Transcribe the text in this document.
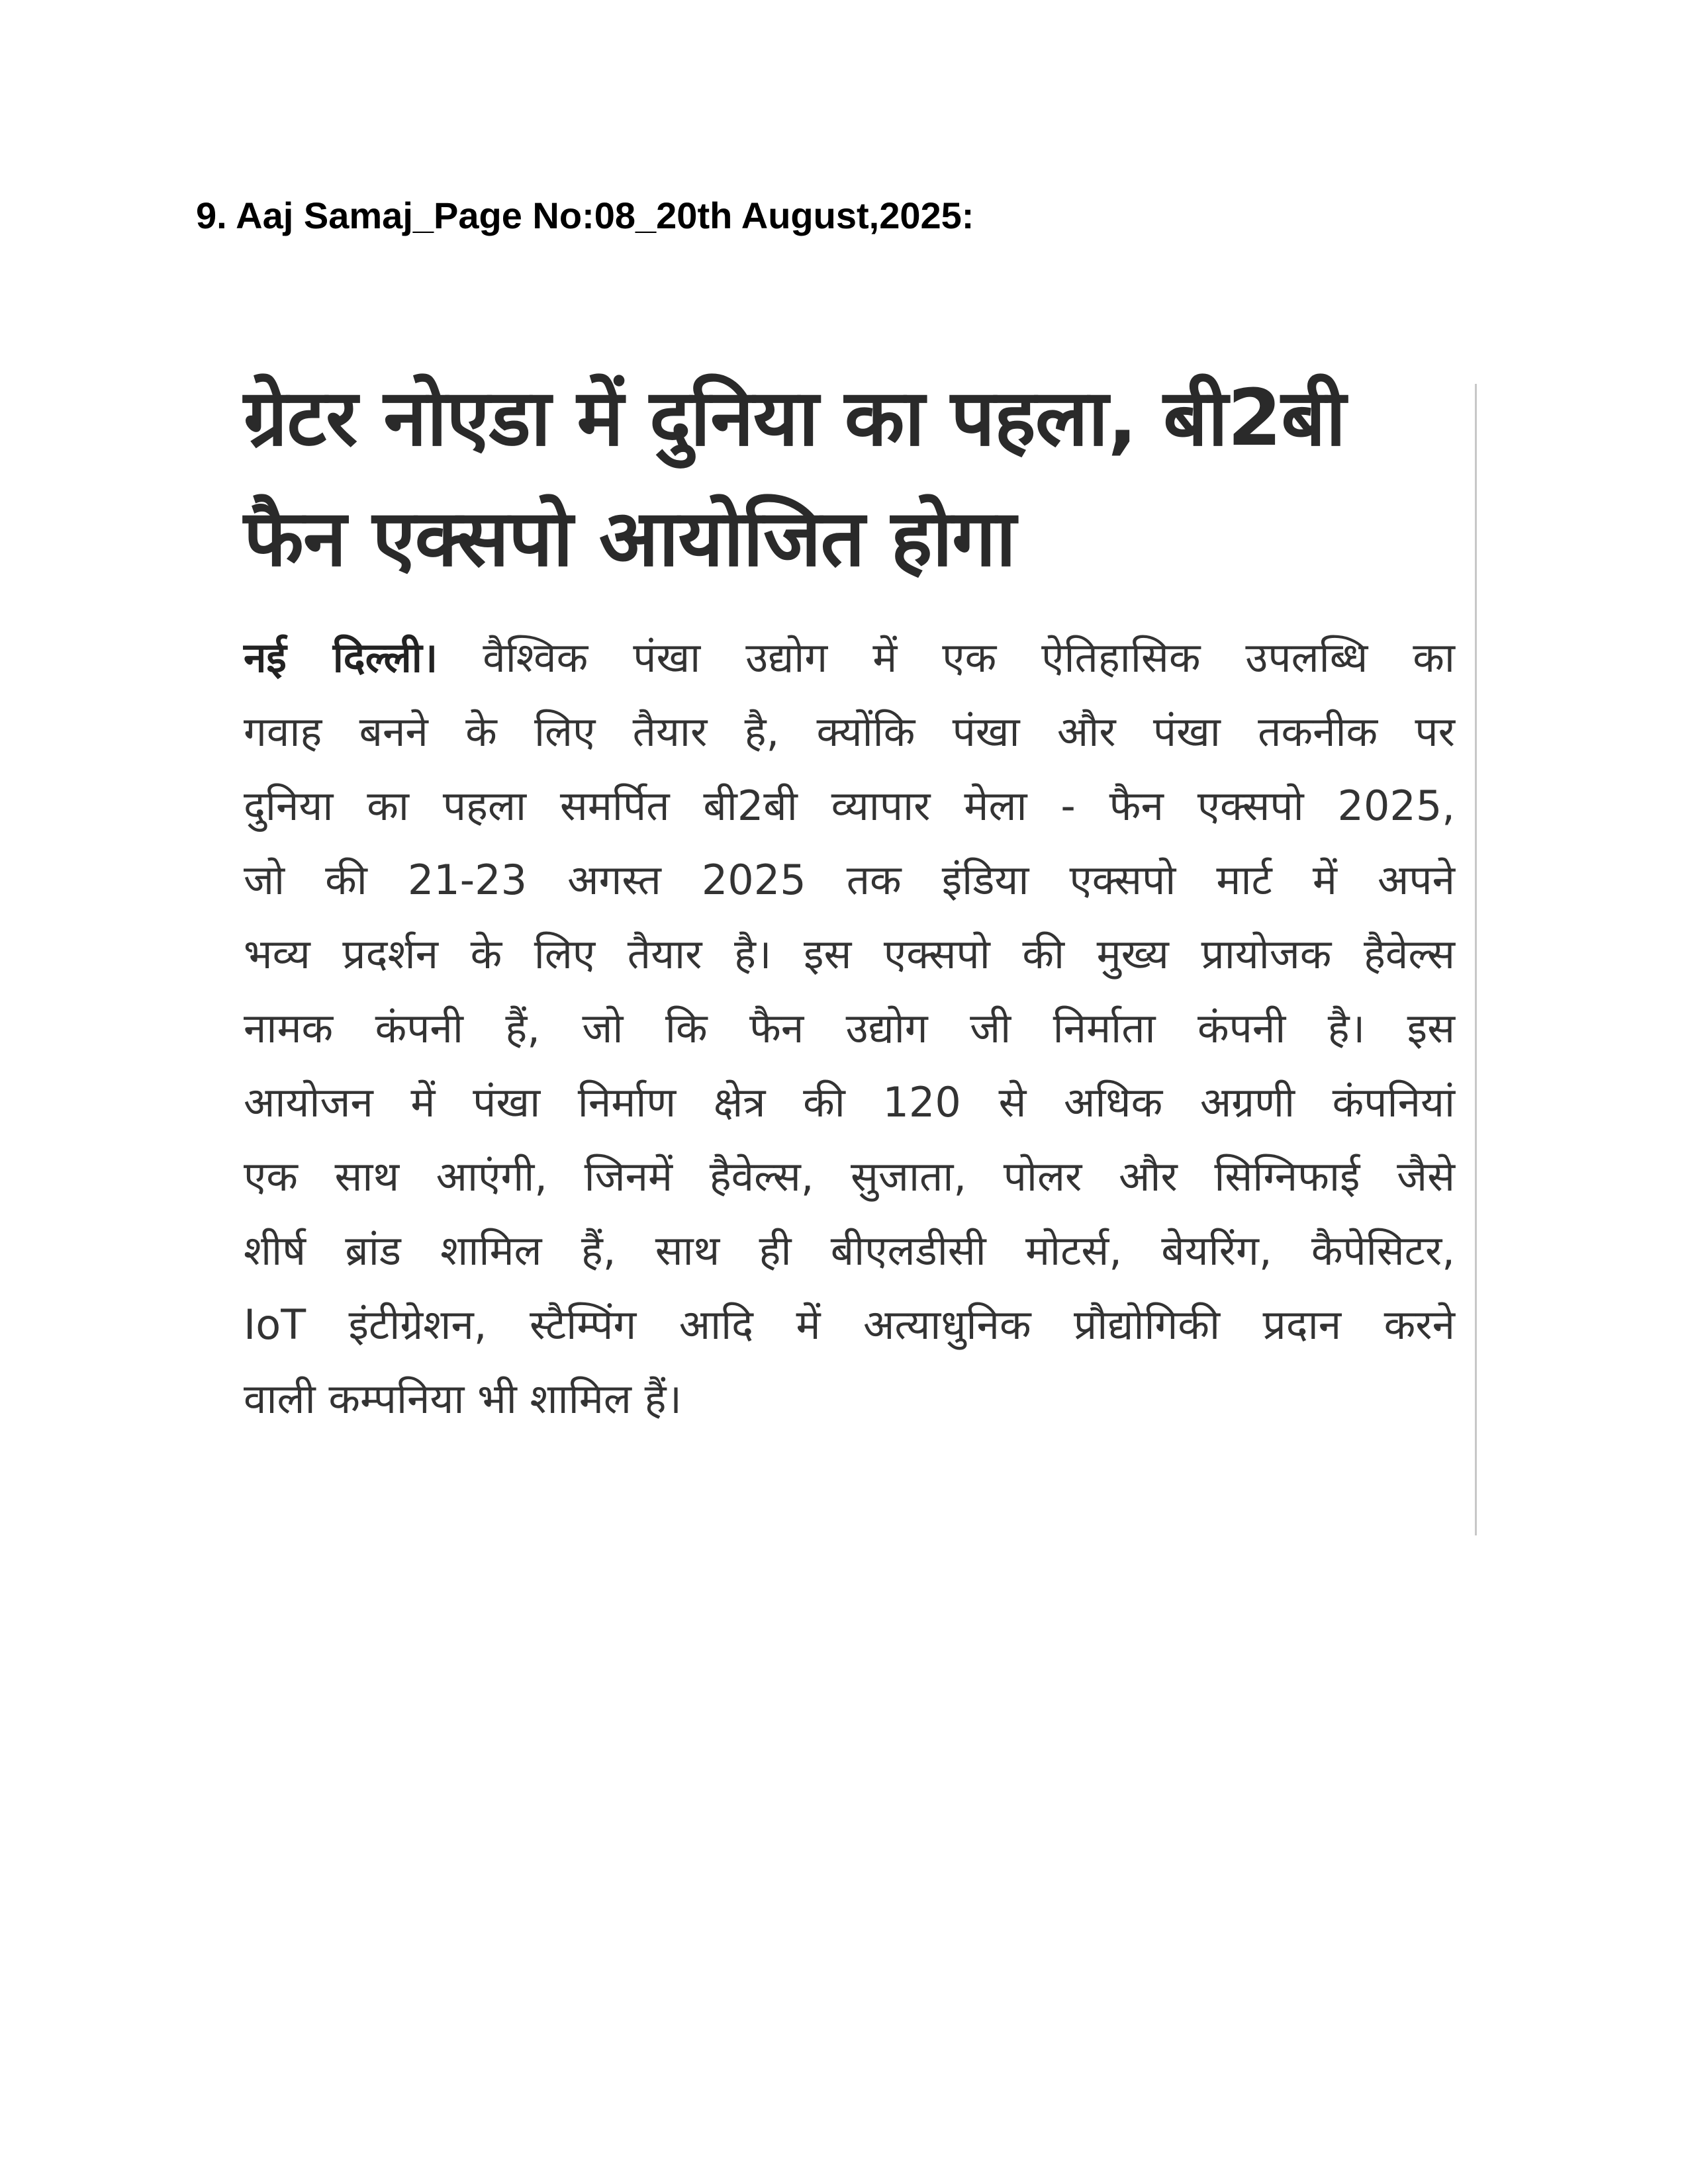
9. Aaj Samaj_Page No:08_20th August,2025:
ग्रेटर नोएडा में दुनिया का पहला, बी2बी
फैन एक्सपो आयोजित होगा
नई दिल्ली। वैश्विक पंखा उद्योग में एक ऐतिहासिक उपलब्धि का
गवाह बनने के लिए तैयार है, क्योंकि पंखा और पंखा तकनीक पर
दुनिया का पहला समर्पित बी2बी व्यापार मेला - फैन एक्सपो 2025,
जो की 21-23 अगस्त 2025 तक इंडिया एक्सपो मार्ट में अपने
भव्य प्रदर्शन के लिए तैयार है। इस एक्सपो की मुख्य प्रायोजक हैवेल्स
नामक कंपनी हैं, जो कि फैन उद्योग जी निर्माता कंपनी है। इस
आयोजन में पंखा निर्माण क्षेत्र की 120 से अधिक अग्रणी कंपनियां
एक साथ आएंगी, जिनमें हैवेल्स, सुजाता, पोलर और सिग्निफाई जैसे
शीर्ष ब्रांड शामिल हैं, साथ ही बीएलडीसी मोटर्स, बेयरिंग, कैपेसिटर,
IoT इंटीग्रेशन, स्टैम्पिंग आदि में अत्याधुनिक प्रौद्योगिकी प्रदान करने
वाली कम्पनिया भी शामिल हैं।
